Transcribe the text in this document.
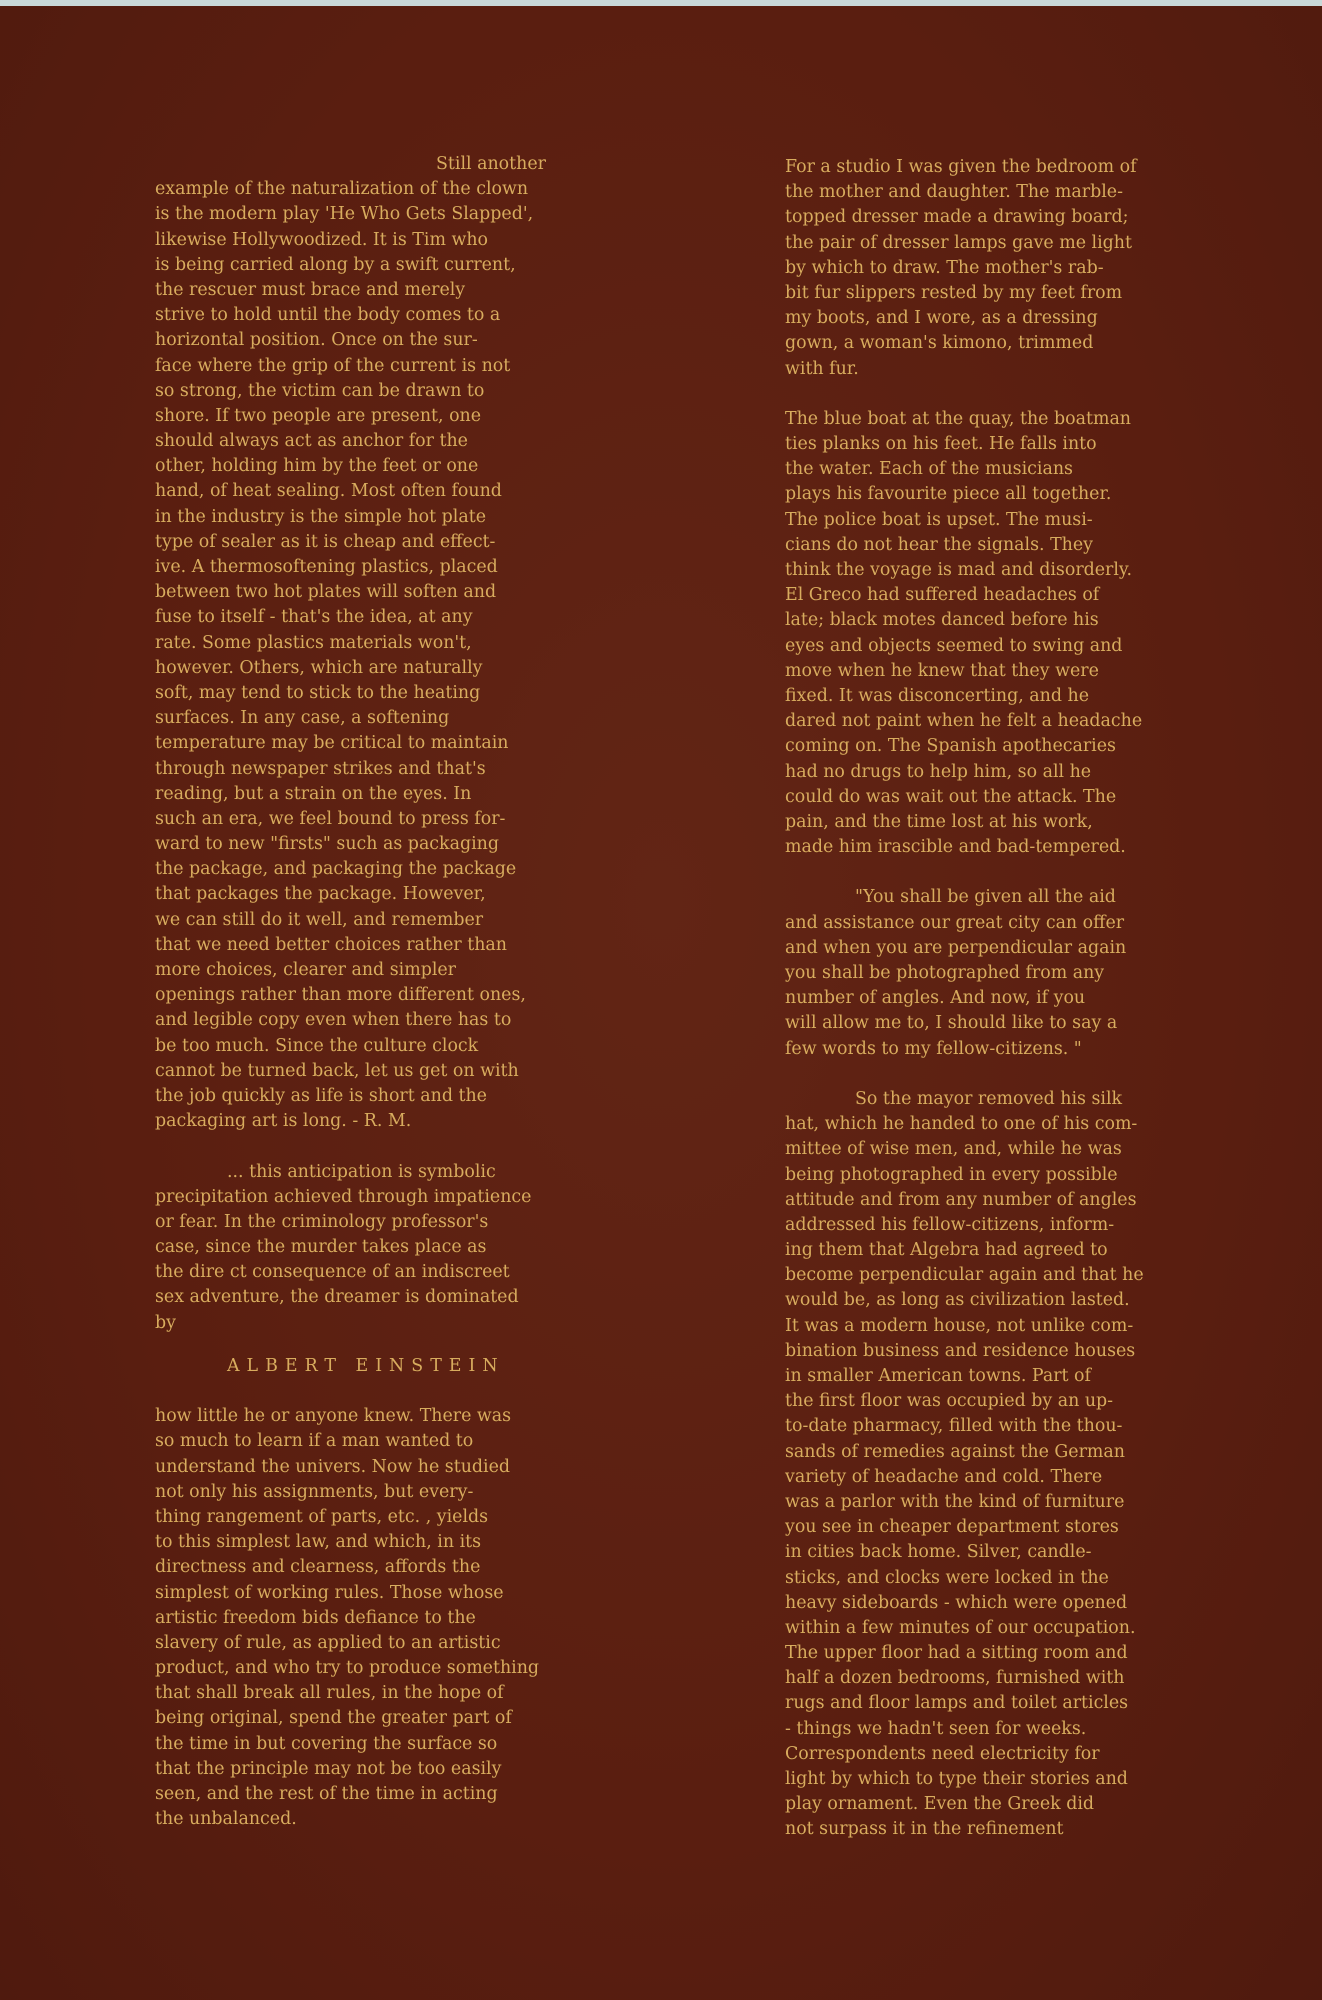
Still another
example of the naturalization of the clown
is the modern play 'He Who Gets Slapped',
likewise Hollywoodized. It is Tim who
is being carried along by a swift current,
the rescuer must brace and merely
strive to hold until the body comes to a
horizontal position. Once on the sur-
face where the grip of the current is not
so strong, the victim can be drawn to
shore. If two people are present, one
should always act as anchor for the
other, holding him by the feet or one
hand, of heat sealing. Most often found
in the industry is the simple hot plate
type of sealer as it is cheap and effect-
ive. A thermosoftening plastics, placed
between two hot plates will soften and
fuse to itself - that's the idea, at any
rate. Some plastics materials won't,
however. Others, which are naturally
soft, may tend to stick to the heating
surfaces. In any case, a softening
temperature may be critical to maintain
through newspaper strikes and that's
reading, but a strain on the eyes. In
such an era, we feel bound to press for-
ward to new "firsts" such as packaging
the package, and packaging the package
that packages the package. However,
we can still do it well, and remember
that we need better choices rather than
more choices, clearer and simpler
openings rather than more different ones,
and legible copy even when there has to
be too much. Since the culture clock
cannot be turned back, let us get on with
the job quickly as life is short and the
packaging art is long. - R. M.
... this anticipation is symbolic
precipitation achieved through impatience
or fear. In the criminology professor's
case, since the murder takes place as
the dire ct consequence of an indiscreet
sex adventure, the dreamer is dominated
by
ALBERT EINSTEIN
how little he or anyone knew. There was
so much to learn if a man wanted to
understand the univers. Now he studied
not only his assignments, but every-
thing rangement of parts, etc. , yields
to this simplest law, and which, in its
directness and clearness, affords the
simplest of working rules. Those whose
artistic freedom bids defiance to the
slavery of rule, as applied to an artistic
product, and who try to produce something
that shall break all rules, in the hope of
being original, spend the greater part of
the time in but covering the surface so
that the principle may not be too easily
seen, and the rest of the time in acting
the unbalanced.
For a studio I was given the bedroom of
the mother and daughter. The marble-
topped dresser made a drawing board;
the pair of dresser lamps gave me light
by which to draw. The mother's rab-
bit fur slippers rested by my feet from
my boots, and I wore, as a dressing
gown, a woman's kimono, trimmed
with fur.
The blue boat at the quay, the boatman
ties planks on his feet. He falls into
the water. Each of the musicians
plays his favourite piece all together.
The police boat is upset. The musi-
cians do not hear the signals. They
think the voyage is mad and disorderly.
El Greco had suffered headaches of
late; black motes danced before his
eyes and objects seemed to swing and
move when he knew that they were
fixed. It was disconcerting, and he
dared not paint when he felt a headache
coming on. The Spanish apothecaries
had no drugs to help him, so all he
could do was wait out the attack. The
pain, and the time lost at his work,
made him irascible and bad-tempered.
"You shall be given all the aid
and assistance our great city can offer
and when you are perpendicular again
you shall be photographed from any
number of angles. And now, if you
will allow me to, I should like to say a
few words to my fellow-citizens. "
So the mayor removed his silk
hat, which he handed to one of his com-
mittee of wise men, and, while he was
being photographed in every possible
attitude and from any number of angles
addressed his fellow-citizens, inform-
ing them that Algebra had agreed to
become perpendicular again and that he
would be, as long as civilization lasted.
It was a modern house, not unlike com-
bination business and residence houses
in smaller American towns. Part of
the first floor was occupied by an up-
to-date pharmacy, filled with the thou-
sands of remedies against the German
variety of headache and cold. There
was a parlor with the kind of furniture
you see in cheaper department stores
in cities back home. Silver, candle-
sticks, and clocks were locked in the
heavy sideboards - which were opened
within a few minutes of our occupation.
The upper floor had a sitting room and
half a dozen bedrooms, furnished with
rugs and floor lamps and toilet articles
- things we hadn't seen for weeks.
Correspondents need electricity for
light by which to type their stories and
play ornament. Even the Greek did
not surpass it in the refinement
